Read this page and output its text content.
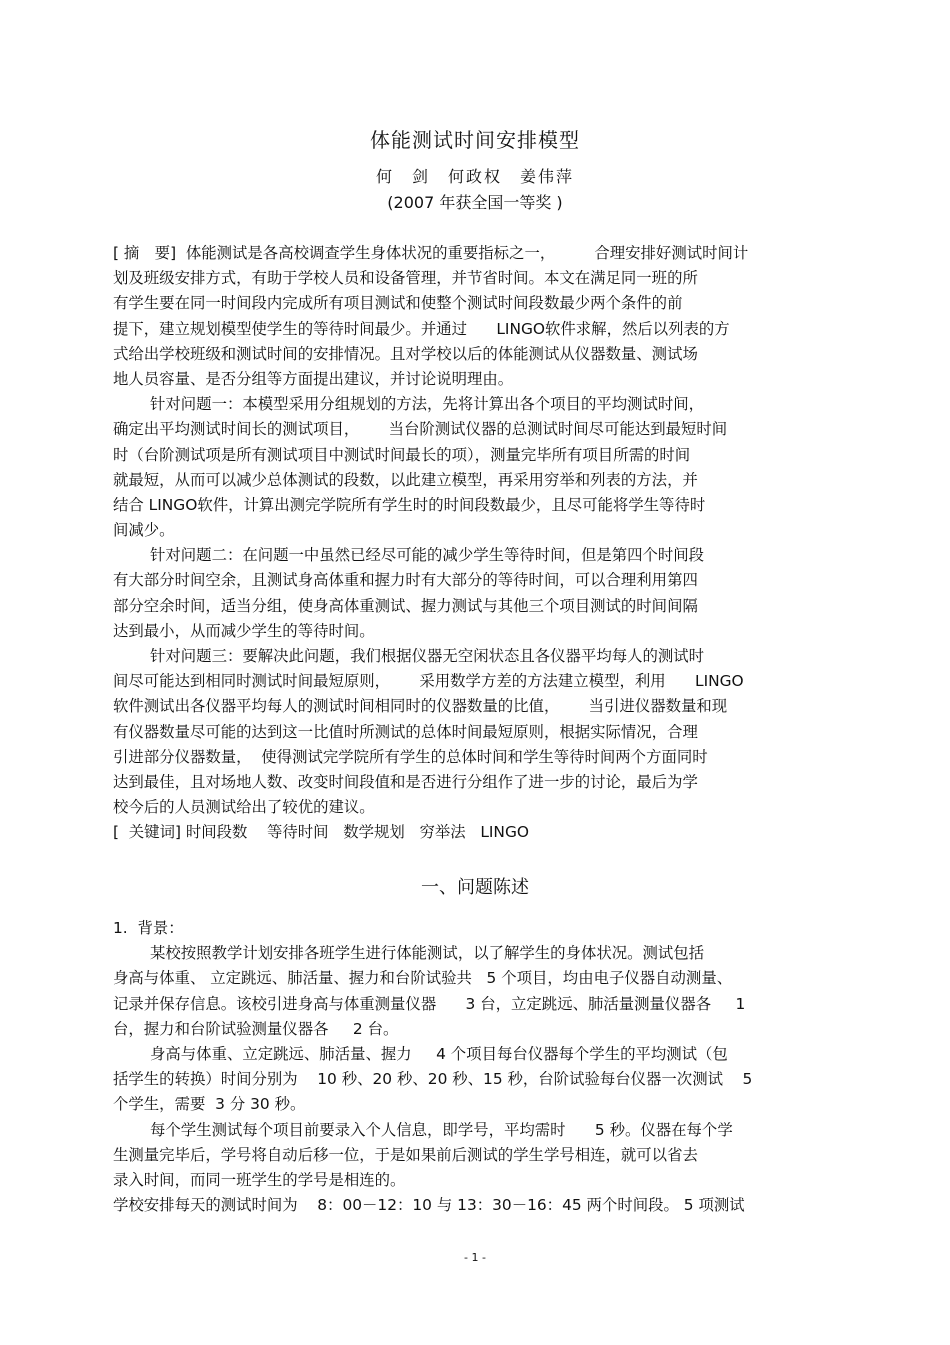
体能测试时间安排模型
何　剑　何政权　姜伟萍
(2007 年获全国一等奖 )
[ 摘　要]  体能测试是各高校调查学生身体状况的重要指标之一，        合理安排好测试时间计
划及班级安排方式，有助于学校人员和设备管理，并节省时间。本文在满足同一班的所
有学生要在同一时间段内完成所有项目测试和使整个测试时间段数最少两个条件的前
提下，建立规划模型使学生的等待时间最少。并通过      LINGO软件求解，然后以列表的方
式给出学校班级和测试时间的安排情况。且对学校以后的体能测试从仪器数量、测试场
地人员容量、是否分组等方面提出建议，并讨论说明理由。
针对问题一：本模型采用分组规划的方法，先将计算出各个项目的平均测试时间，
确定出平均测试时间长的测试项目，      当台阶测试仪器的总测试时间尽可能达到最短时间
时（台阶测试项是所有测试项目中测试时间最长的项），测量完毕所有项目所需的时间
就最短，从而可以减少总体测试的段数，以此建立模型，再采用穷举和列表的方法，并
结合 LINGO软件，计算出测完学院所有学生时的时间段数最少，且尽可能将学生等待时
间减少。
针对问题二：在问题一中虽然已经尽可能的减少学生等待时间，但是第四个时间段
有大部分时间空余，且测试身高体重和握力时有大部分的等待时间，可以合理利用第四
部分空余时间，适当分组，使身高体重测试、握力测试与其他三个项目测试的时间间隔
达到最小，从而减少学生的等待时间。
针对问题三：要解决此问题，我们根据仪器无空闲状态且各仪器平均每人的测试时
间尽可能达到相同时测试时间最短原则，      采用数学方差的方法建立模型，利用      LINGO
软件测试出各仪器平均每人的测试时间相同时的仪器数量的比值，      当引进仪器数量和现
有仪器数量尽可能的达到这一比值时所测试的总体时间最短原则，根据实际情况，合理
引进部分仪器数量，  使得测试完学院所有学生的总体时间和学生等待时间两个方面同时
达到最佳，且对场地人数、改变时间段值和是否进行分组作了进一步的讨论，最后为学
校今后的人员测试给出了较优的建议。
[  关键词] 时间段数    等待时间   数学规划   穷举法   LINGO
一、问题陈述
1.  背景：
某校按照教学计划安排各班学生进行体能测试，以了解学生的身体状况。测试包括
身高与体重、 立定跳远、肺活量、握力和台阶试验共   5 个项目，均由电子仪器自动测量、
记录并保存信息。该校引进身高与体重测量仪器      3 台，立定跳远、肺活量测量仪器各     1
台，握力和台阶试验测量仪器各     2 台。
身高与体重、立定跳远、肺活量、握力     4 个项目每台仪器每个学生的平均测试（包
括学生的转换）时间分别为    10 秒、20 秒、20 秒、15 秒，台阶试验每台仪器一次测试    5
个学生，需要  3 分 30 秒。
每个学生测试每个项目前要录入个人信息，即学号，平均需时      5 秒。仪器在每个学
生测量完毕后，学号将自动后移一位，于是如果前后测试的学生学号相连，就可以省去
录入时间，而同一班学生的学号是相连的。
学校安排每天的测试时间为    8：00－12：10 与 13：30－16：45 两个时间段。 5 项测试
- 1 -
